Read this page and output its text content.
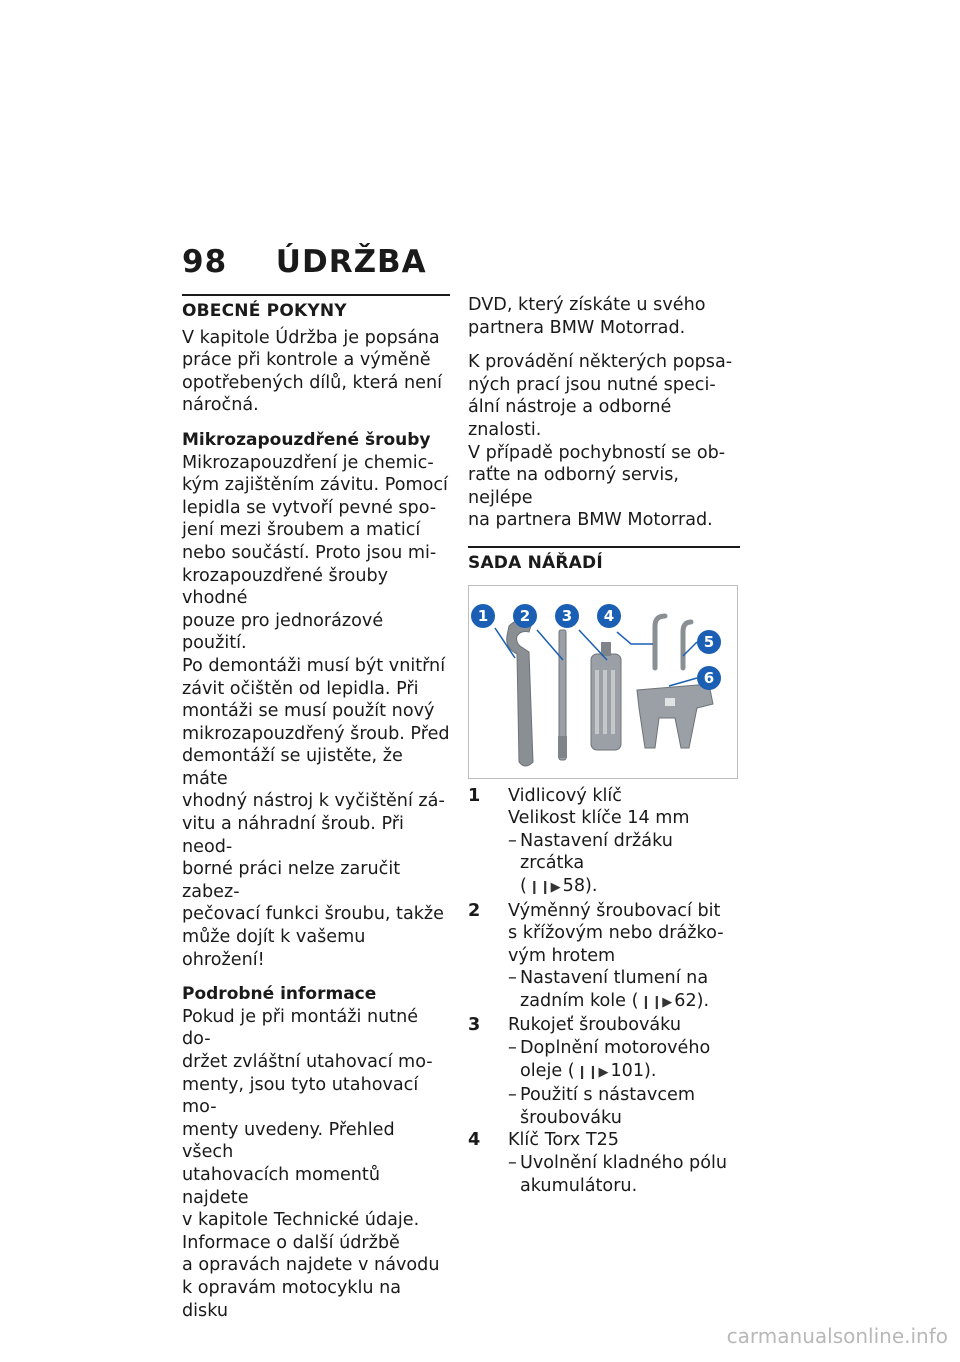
98 ÚDRŽBA
OBECNÉ POKYNY
V kapitole Údržba je popsána
práce při kontrole a výměně
opotřebených dílů, která není
náročná.
Mikrozapouzdřené šrouby
Mikrozapouzdření je chemic-
kým zajištěním závitu. Pomocí
lepidla se vytvoří pevné spo-
jení mezi šroubem a maticí
nebo součástí. Proto jsou mi-
krozapouzdřené šrouby vhodné
pouze pro jednorázové použití.
Po demontáži musí být vnitřní
závit očištěn od lepidla. Při
montáži se musí použít nový
mikrozapouzdřený šroub. Před
demontáží se ujistěte, že máte
vhodný nástroj k vyčištění zá-
vitu a náhradní šroub. Při neod-
borné práci nelze zaručit zabez-
pečovací funkci šroubu, takže
může dojít k vašemu ohrožení!
Podrobné informace
Pokud je při montáži nutné do-
držet zvláštní utahovací mo-
menty, jsou tyto utahovací mo-
menty uvedeny. Přehled všech
utahovacích momentů najdete
v kapitole Technické údaje.
Informace o další údržbě
a opravách najdete v návodu
k opravám motocyklu na disku
DVD, který získáte u svého
partnera BMW Motorrad.
K provádění některých popsa-
ných prací jsou nutné speci-
ální nástroje a odborné znalosti.
V případě pochybností se ob-
raťte na odborný servis, nejlépe
na partnera BMW Motorrad.
SADA NÁŘADÍ
1 2 3 4
5
6
1	Vidlicový klíč
Velikost klíče 14 mm
– Nastavení držáku zrcátka
( ❙❙▶ 58).
2	Výměnný šroubovací bit
s křížovým nebo drážko-
vým hrotem
– Nastavení tlumení na
zadním kole ( ❙❙▶ 62).
3	Rukojeť šroubováku
– Doplnění motorového
oleje ( ❙❙▶ 101).
– Použití s nástavcem
šroubováku
4	Klíč Torx T25
– Uvolnění kladného pólu
akumulátoru.
carmanualsonline.info
